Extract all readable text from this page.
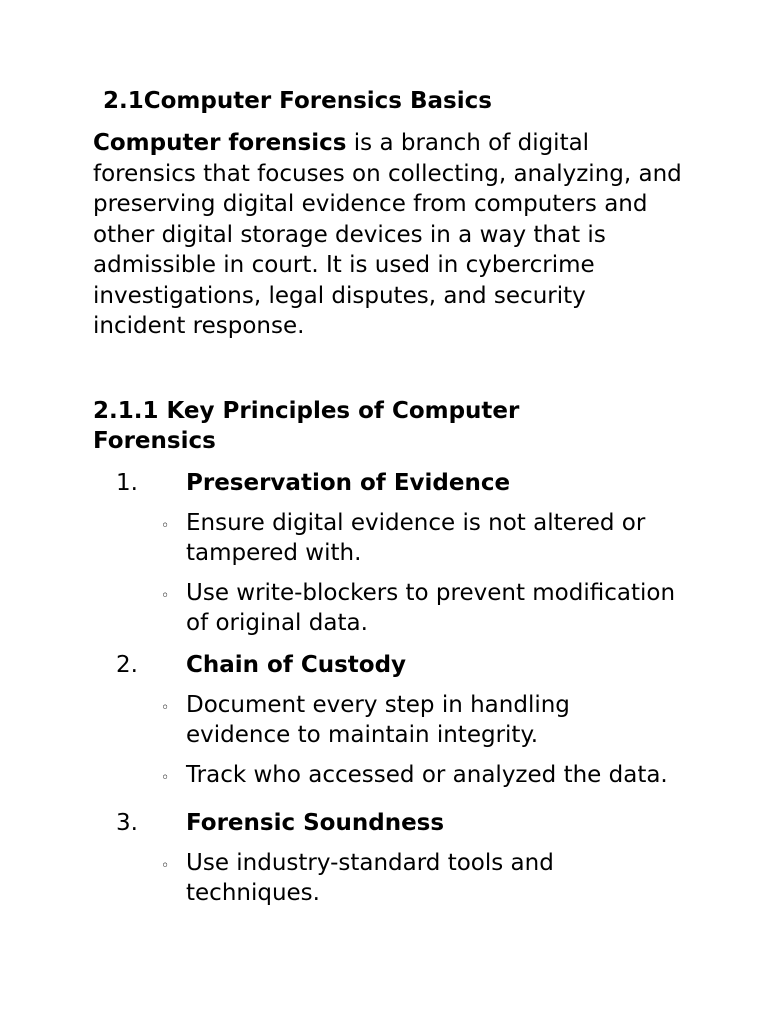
2.1Computer Forensics Basics

Computer forensics is a branch of digital forensics that focuses on collecting, analyzing, and preserving digital evidence from computers and other digital storage devices in a way that is admissible in court. It is used in cybercrime investigations, legal disputes, and security incident response.

2.1.1 Key Principles of Computer Forensics
1.	Preservation of Evidence
◦ Ensure digital evidence is not altered or tampered with.
◦ Use write-blockers to prevent modification of original data.
2.	Chain of Custody
◦ Document every step in handling evidence to maintain integrity.
◦ Track who accessed or analyzed the data.
3.	Forensic Soundness
◦ Use industry-standard tools and techniques.
